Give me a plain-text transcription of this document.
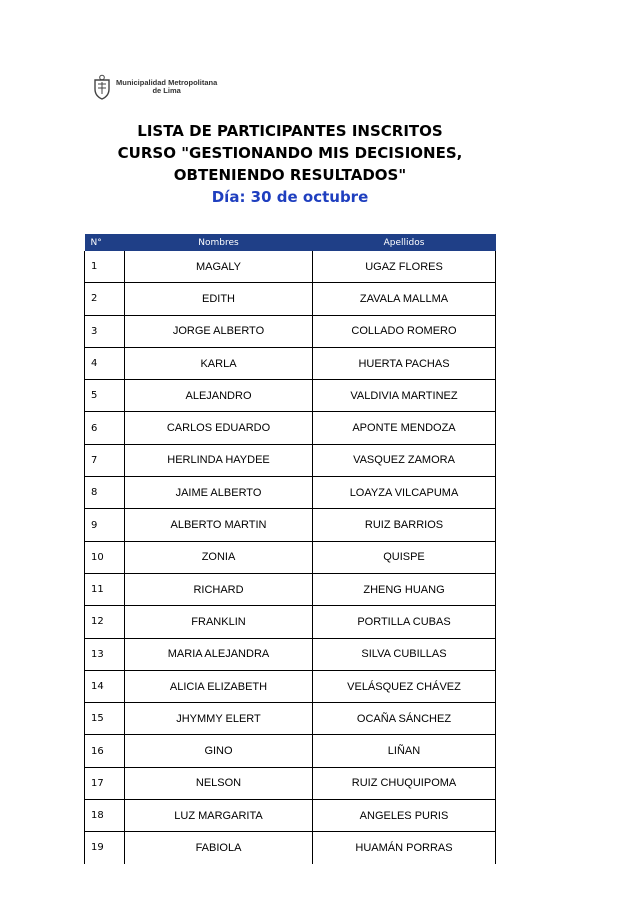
Municipalidad Metropolitana
de Lima
LISTA DE PARTICIPANTES INSCRITOS
CURSO "GESTIONANDO MIS DECISIONES,
OBTENIENDO RESULTADOS"
Día: 30 de octubre
N°	Nombres	Apellidos
1	MAGALY	UGAZ FLORES
2	EDITH	ZAVALA MALLMA
3	JORGE ALBERTO	COLLADO ROMERO
4	KARLA	HUERTA PACHAS
5	ALEJANDRO	VALDIVIA MARTINEZ
6	CARLOS EDUARDO	APONTE MENDOZA
7	HERLINDA HAYDEE	VASQUEZ ZAMORA
8	JAIME ALBERTO	LOAYZA VILCAPUMA
9	ALBERTO MARTIN	RUIZ BARRIOS
10	ZONIA	QUISPE
11	RICHARD	ZHENG HUANG
12	FRANKLIN	PORTILLA CUBAS
13	MARIA ALEJANDRA	SILVA CUBILLAS
14	ALICIA ELIZABETH	VELÁSQUEZ CHÁVEZ
15	JHYMMY ELERT	OCAÑA SÁNCHEZ
16	GINO	LIÑAN
17	NELSON	RUIZ CHUQUIPOMA
18	LUZ MARGARITA	ANGELES PURIS
19	FABIOLA	HUAMÁN PORRAS
